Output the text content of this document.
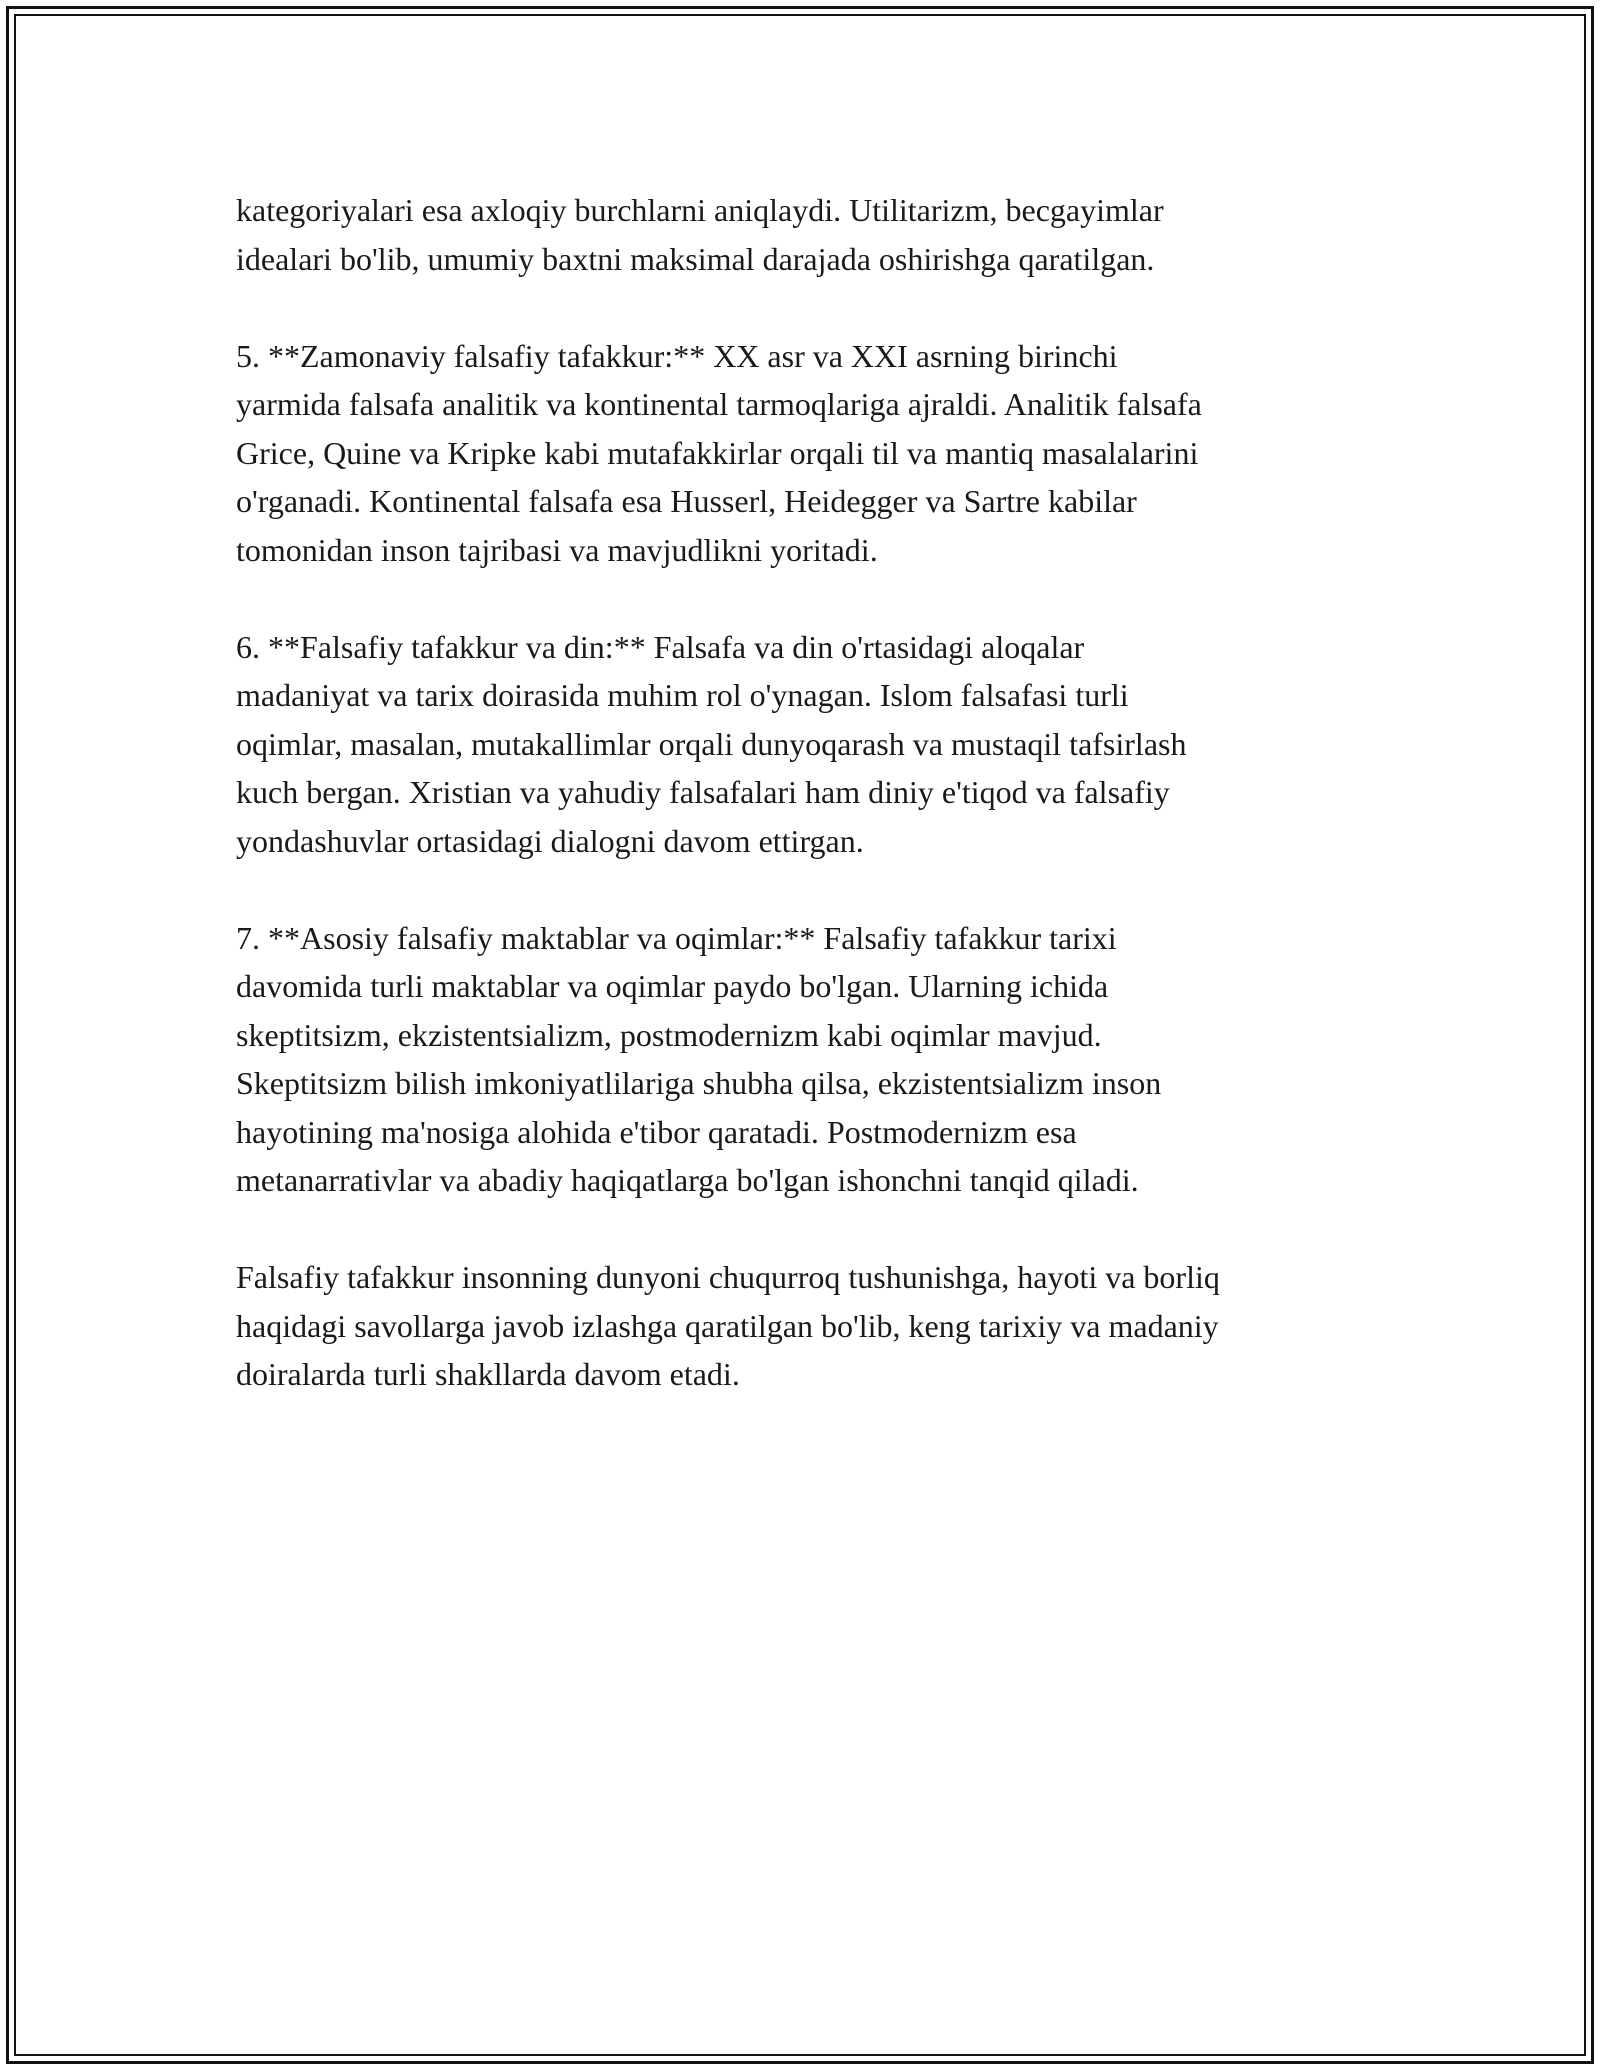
kategoriyalari esa axloqiy burchlarni aniqlaydi. Utilitarizm, becgayimlar
idealari bo'lib, umumiy baxtni maksimal darajada oshirishga qaratilgan.

5. **Zamonaviy falsafiy tafakkur:** XX asr va XXI asrning birinchi
yarmida falsafa analitik va kontinental tarmoqlariga ajraldi. Analitik falsafa
Grice, Quine va Kripke kabi mutafakkirlar orqali til va mantiq masalalarini
o'rganadi. Kontinental falsafa esa Husserl, Heidegger va Sartre kabilar
tomonidan inson tajribasi va mavjudlikni yoritadi.

6. **Falsafiy tafakkur va din:** Falsafa va din o'rtasidagi aloqalar
madaniyat va tarix doirasida muhim rol o'ynagan. Islom falsafasi turli
oqimlar, masalan, mutakallimlar orqali dunyoqarash va mustaqil tafsirlash
kuch bergan. Xristian va yahudiy falsafalari ham diniy e'tiqod va falsafiy
yondashuvlar ortasidagi dialogni davom ettirgan.

7. **Asosiy falsafiy maktablar va oqimlar:** Falsafiy tafakkur tarixi
davomida turli maktablar va oqimlar paydo bo'lgan. Ularning ichida
skeptitsizm, ekzistentsializm, postmodernizm kabi oqimlar mavjud.
Skeptitsizm bilish imkoniyatlilariga shubha qilsa, ekzistentsializm inson
hayotining ma'nosiga alohida e'tibor qaratadi. Postmodernizm esa
metanarrativlar va abadiy haqiqatlarga bo'lgan ishonchni tanqid qiladi.

Falsafiy tafakkur insonning dunyoni chuqurroq tushunishga, hayoti va borliq
haqidagi savollarga javob izlashga qaratilgan bo'lib, keng tarixiy va madaniy
doiralarda turli shakllarda davom etadi.
